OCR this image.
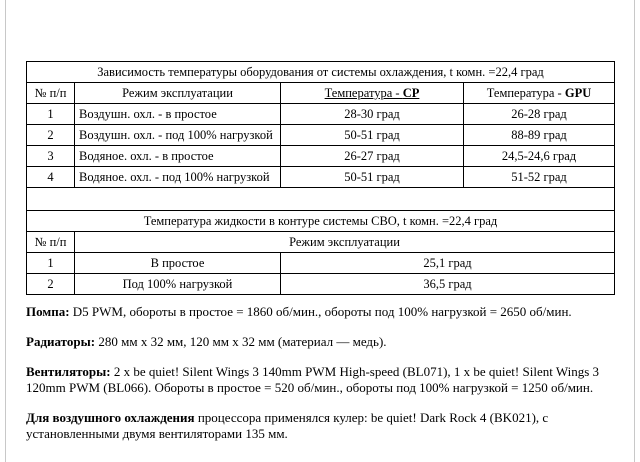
Зависимость температуры оборудования от системы охлаждения, t комн. =22,4 град			
№ п/п	Режим эксплуатации	Температура - CP	Температура - GPU
1	Воздушн. охл. - в простое	28-30 град	26-28 град
2	Воздушн. охл. - под 100% нагрузкой	50-51 град	88-89 град
3	Водяное. охл. - в простое	26-27 град	24,5-24,6 град
4	Водяное. охл. - под 100% нагрузкой	50-51 град	51-52 град

Температура жидкости в контуре системы СВО, t комн. =22,4 град			
№ п/п	Режим эксплуатации		
1	В простое	25,1 град	
2	Под 100% нагрузкой	36,5 град	

Помпа: D5 PWM, обороты в простое = 1860 об/мин., обороты под 100% нагрузкой = 2650 об/мин.

Радиаторы: 280 мм х 32 мм, 120 мм х 32 мм (материал — медь).

Вентиляторы: 2 х be quiet! Silent Wings 3 140mm PWM High-speed (BL071), 1 х be quiet! Silent Wings 3 120mm PWM (BL066). Обороты в простое = 520 об/мин., обороты под 100% нагрузкой = 1250 об/мин.

Для воздушного охлаждения процессора применялся кулер: be quiet! Dark Rock 4 (BK021), с установленными двумя вентиляторами 135 мм.
